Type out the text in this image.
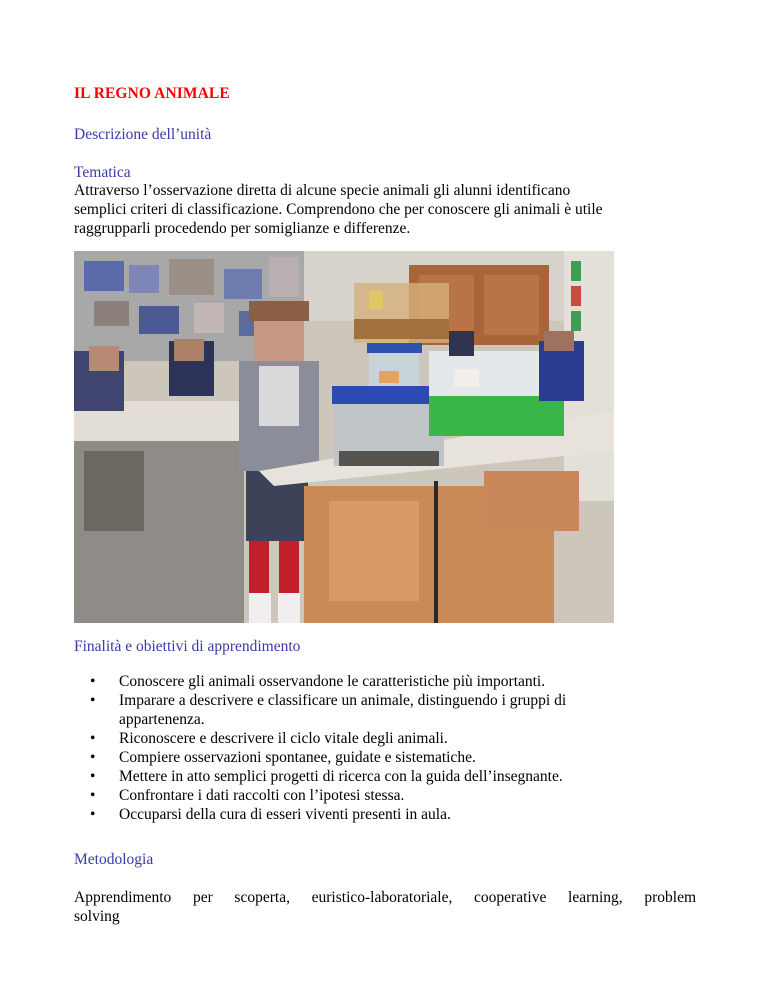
IL REGNO ANIMALE
Descrizione dell’unità
Tematica
Attraverso l’osservazione diretta di alcune specie animali gli alunni identificano
semplici criteri di classificazione. Comprendono che per conoscere gli animali è utile
raggrupparli procedendo per somiglianze e differenze.
Finalità e obiettivi di apprendimento
• Conoscere gli animali osservandone le caratteristiche più importanti.
• Imparare a descrivere e classificare un animale, distinguendo i gruppi di
appartenenza.
• Riconoscere e descrivere il ciclo vitale degli animali.
• Compiere osservazioni spontanee, guidate e sistematiche.
• Mettere in atto semplici progetti di ricerca con la guida dell’insegnante.
• Confrontare i dati raccolti con l’ipotesi stessa.
• Occuparsi della cura di esseri viventi presenti in aula.
Metodologia
Apprendimento per scoperta, euristico-laboratoriale, cooperative learning, problem
solving
